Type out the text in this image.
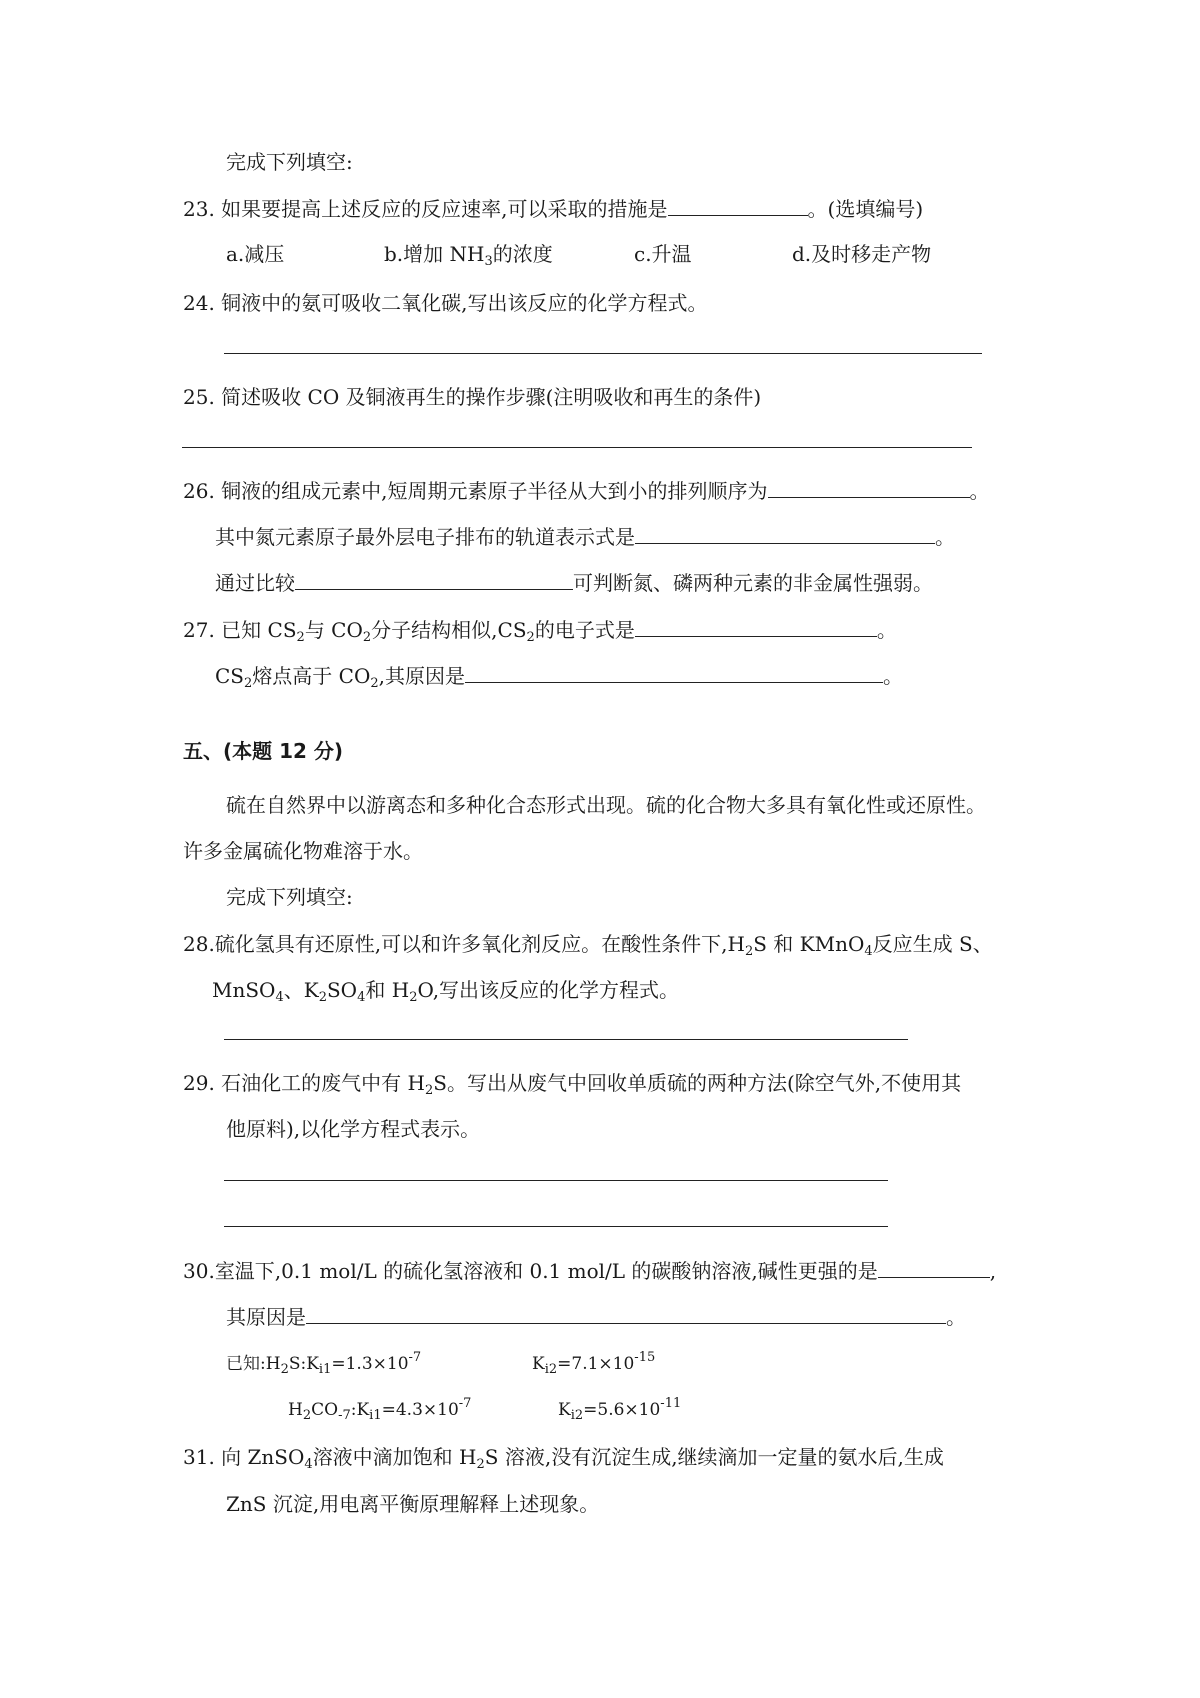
完成下列填空:
23. 如果要提高上述反应的反应速率,可以采取的措施是	。(选填编号)
a.减压	b.增加 $NH_3$的浓度	c.升温	d.及时移走产物
24. 铜液中的氨可吸收二氧化碳,写出该反应的化学方程式。
25. 简述吸收 CO 及铜液再生的操作步骤(注明吸收和再生的条件)
26. 铜液的组成元素中,短周期元素原子半径从大到小的排列顺序为	。
其中氮元素原子最外层电子排布的轨道表示式是	。
通过比较	可判断氮、磷两种元素的非金属性强弱。
27. 已知 $CS_2$与 $CO_2$分子结构相似$,CS_2$的电子式是	。
$CS_2$熔点高于 $CO_2$,其原因是	。
五、(本题 12 分)
硫在自然界中以游离态和多种化合态形式出现。硫的化合物大多具有氧化性或还原性。
许多金属硫化物难溶于水。
完成下列填空:
28.硫化氢具有还原性,可以和许多氧化剂反应。在酸性条件下$,H_2S$ 和 KMnO$_4$反应生成 S、
MnSO$_4$、$K_2SO_4$和 $H_2O$,写出该反应的化学方程式。
29. 石油化工的废气中有 $H_2S$。写出从废气中回收单质硫的两种方法(除空气外,不使用其
他原料),以化学方程式表示。
30.室温下,0.1 mol/L 的硫化氢溶液和 0.1 mol/L 的碳酸钠溶液,碱性更强的是	,
其原因是	。
已知$:H_2S:K_{i1}=1.3\times 10^{-7}$	$K_{i2}=7.1\times 10^{-15}$
$H_2CO_{-7}:K_{i1}=4.3\times 10^{-7}$	$K_{i2}=5.6\times 10^{-11}$
31. 向 ZnSO$_4$溶液中滴加饱和 $H_2S$ 溶液,没有沉淀生成,继续滴加一定量的氨水后,生成
ZnS 沉淀,用电离平衡原理解释上述现象。
